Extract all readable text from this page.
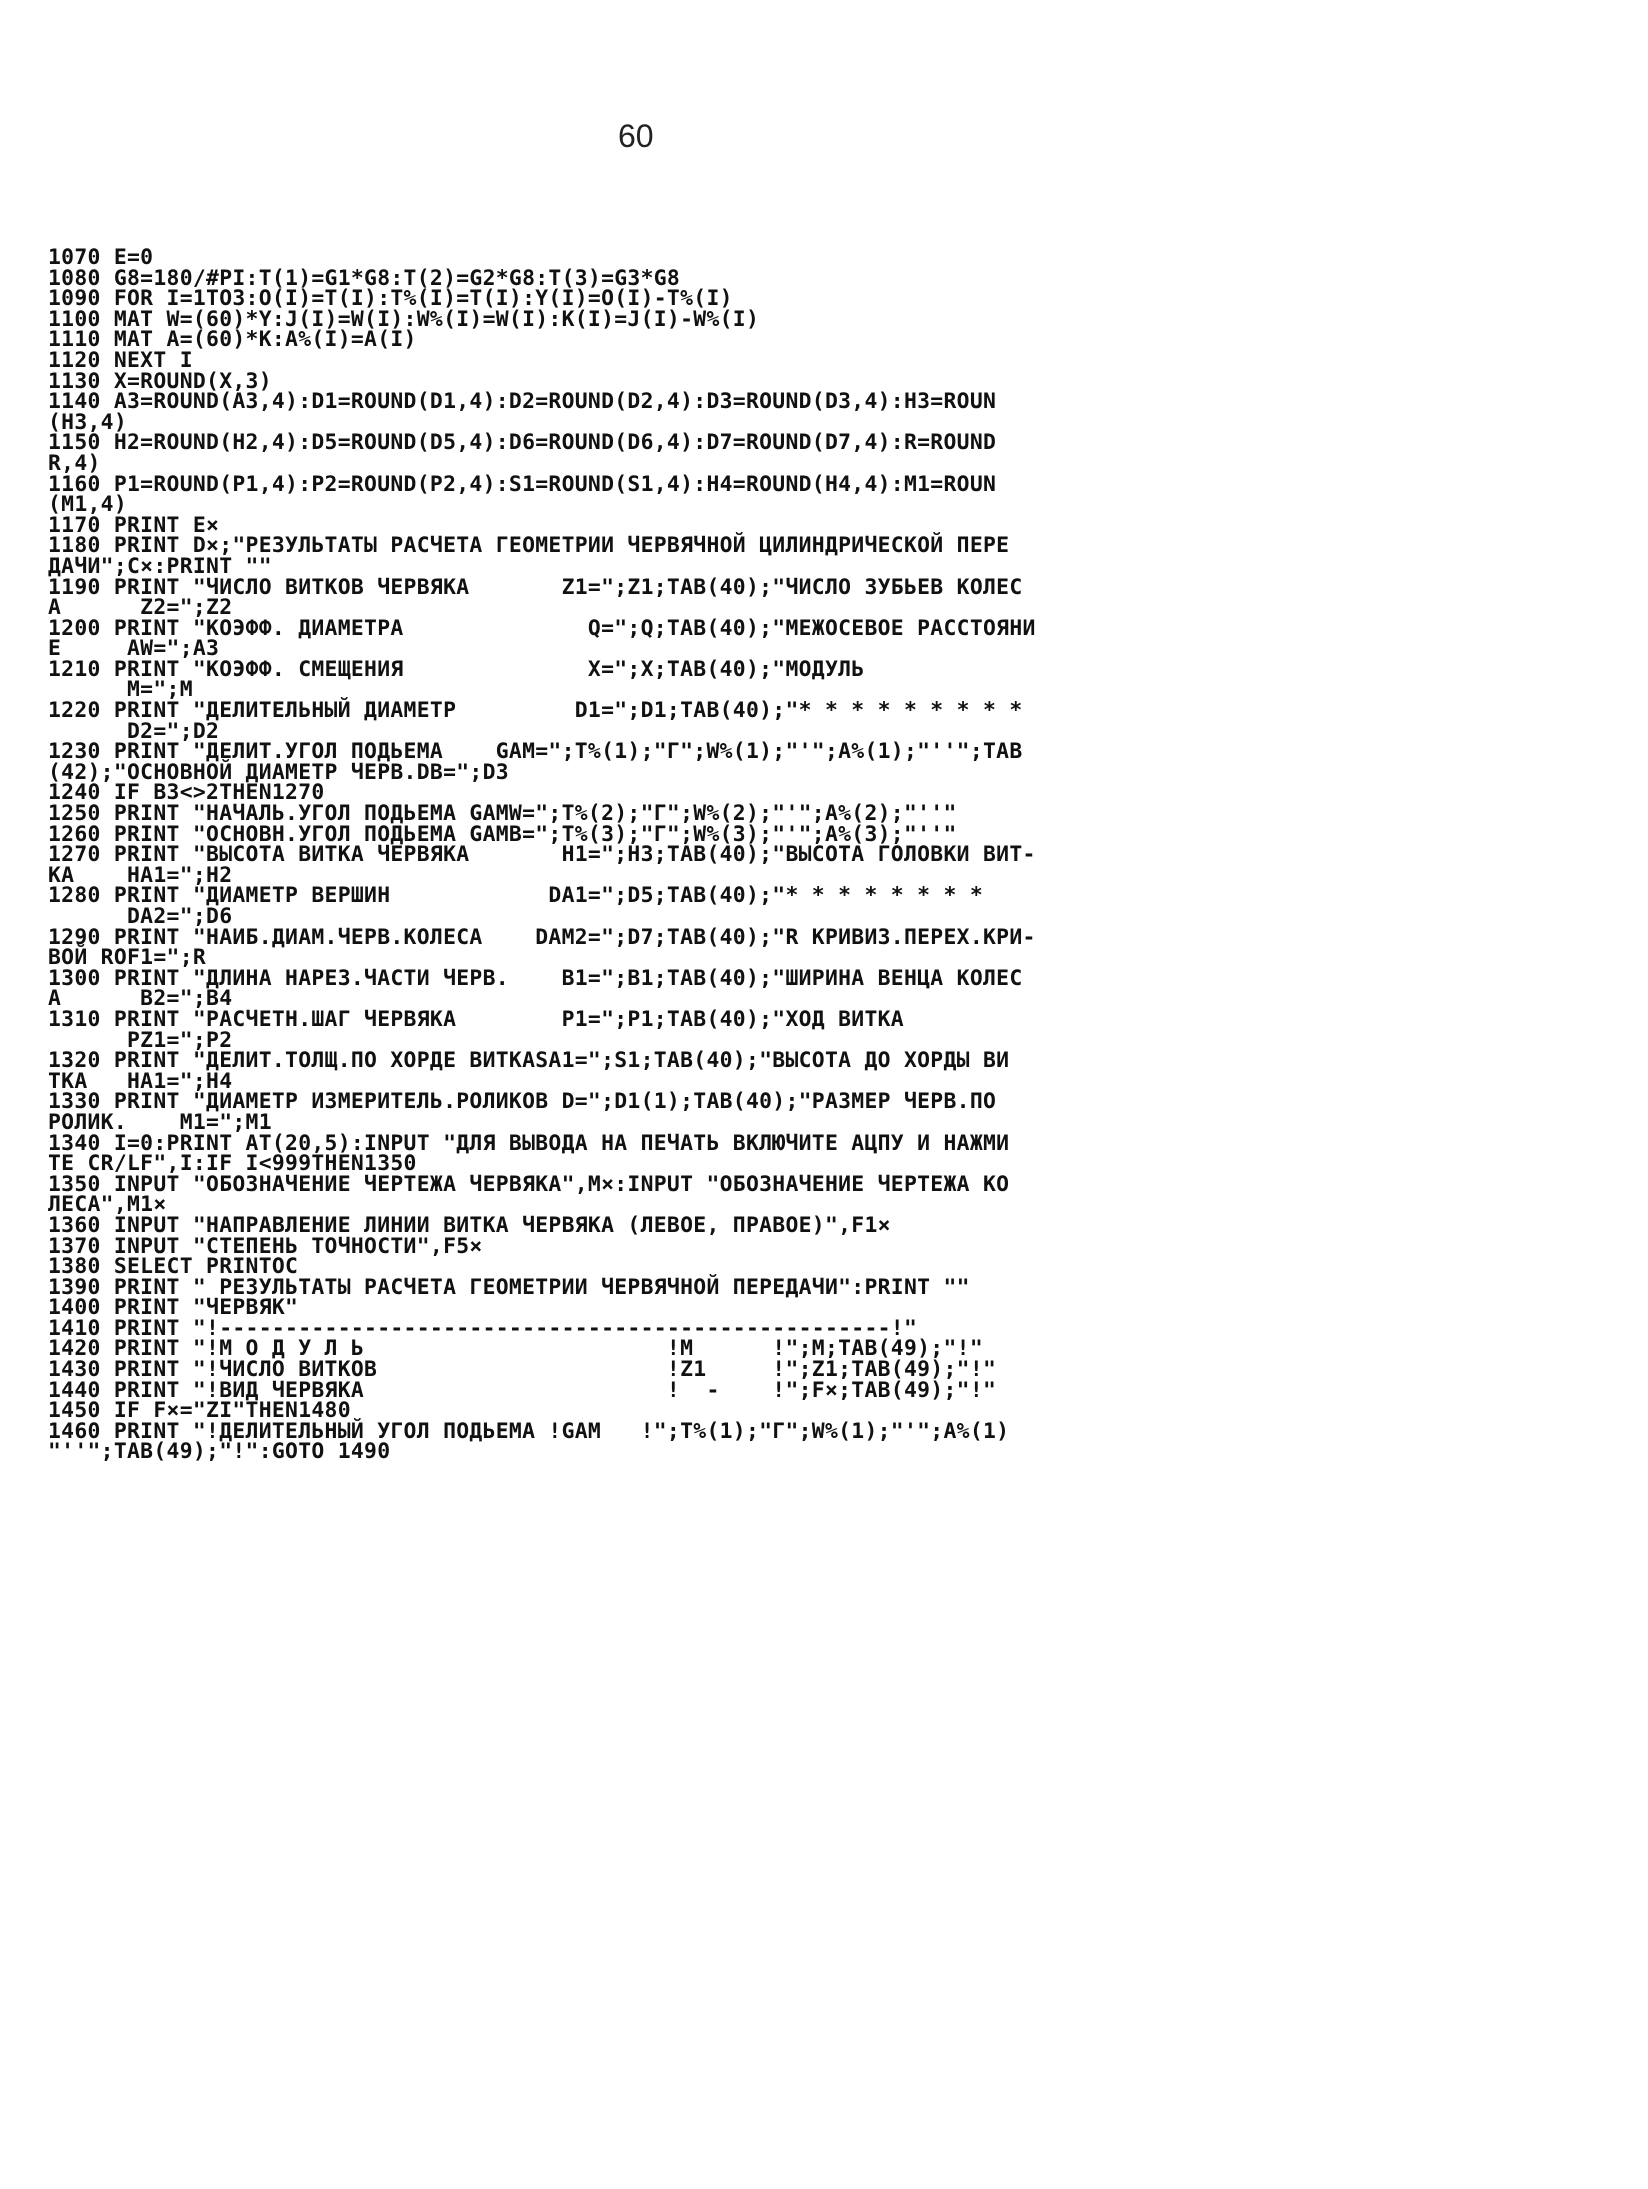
60
1070 E=0
1080 G8=180/#PI:T(1)=G1*G8:T(2)=G2*G8:T(3)=G3*G8
1090 FOR I=1TO3:O(I)=T(I):T%(I)=T(I):Y(I)=O(I)-T%(I)
1100 MAT W=(60)*Y:J(I)=W(I):W%(I)=W(I):K(I)=J(I)-W%(I)
1110 MAT A=(60)*K:A%(I)=A(I)
1120 NEXT I
1130 X=ROUND(X,3)
1140 A3=ROUND(A3,4):D1=ROUND(D1,4):D2=ROUND(D2,4):D3=ROUND(D3,4):H3=ROUN
(H3,4)
1150 H2=ROUND(H2,4):D5=ROUND(D5,4):D6=ROUND(D6,4):D7=ROUND(D7,4):R=ROUND
R,4)
1160 P1=ROUND(P1,4):P2=ROUND(P2,4):S1=ROUND(S1,4):H4=ROUND(H4,4):M1=ROUN
(M1,4)
1170 PRINT E×
1180 PRINT D×;"РЕЗУЛЬТАТЫ РАСЧЕТА ГЕОМЕТРИИ ЧЕРВЯЧНОЙ ЦИЛИНДРИЧЕСКОЙ ПЕРЕ
ДАЧИ";C×:PRINT ""
1190 PRINT "ЧИСЛО ВИТКОВ ЧЕРВЯКА       Z1=";Z1;TAB(40);"ЧИСЛО ЗУБЬЕВ КОЛЕС
А      Z2=";Z2
1200 PRINT "КОЭФФ. ДИАМЕТРА              Q=";Q;TAB(40);"МЕЖОСЕВОЕ РАССТОЯНИ
Е     AW=";A3
1210 PRINT "КОЭФФ. СМЕЩЕНИЯ              X=";X;TAB(40);"МОДУЛЬ
M=";M
1220 PRINT "ДЕЛИТЕЛЬНЫЙ ДИАМЕТР         D1=";D1;TAB(40);"* * * * * * * * *
D2=";D2
1230 PRINT "ДЕЛИТ.УГОЛ ПОДЬЕМА    GAM=";T%(1);"Г";W%(1);"'";A%(1);"''";TAB
(42);"ОСНОВНОЙ ДИАМЕТР ЧЕРВ.DB=";D3
1240 IF B3<>2THEN1270
1250 PRINT "НАЧАЛЬ.УГОЛ ПОДЬЕМА GAMW=";T%(2);"Г";W%(2);"'";A%(2);"''"
1260 PRINT "ОСНОВН.УГОЛ ПОДЬЕМА GAMB=";T%(3);"Г";W%(3);"'";A%(3);"''"
1270 PRINT "ВЫСОТА ВИТКА ЧЕРВЯКА       H1=";H3;TAB(40);"ВЫСОТА ГОЛОВКИ ВИТ-
КА    HA1=";H2
1280 PRINT "ДИАМЕТР ВЕРШИН            DA1=";D5;TAB(40);"* * * * * * * *
DA2=";D6
1290 PRINT "НАИБ.ДИАМ.ЧЕРВ.КОЛЕСА    DAM2=";D7;TAB(40);"R КРИВИЗ.ПЕРЕХ.КРИ-
ВОЙ ROF1=";R
1300 PRINT "ДЛИНА НАРЕЗ.ЧАСТИ ЧЕРВ.    B1=";B1;TAB(40);"ШИРИНА ВЕНЦА КОЛЕС
А      B2=";B4
1310 PRINT "РАСЧЕТН.ШАГ ЧЕРВЯКА        P1=";P1;TAB(40);"ХОД ВИТКА
PZ1=";P2
1320 PRINT "ДЕЛИТ.ТОЛЩ.ПО ХОРДЕ ВИТКАSA1=";S1;TAB(40);"ВЫСОТА ДО ХОРДЫ ВИ
ТКА   HA1=";H4
1330 PRINT "ДИАМЕТР ИЗМЕРИТЕЛЬ.РОЛИКОВ D=";D1(1);TAB(40);"РАЗМЕР ЧЕРВ.ПО
РОЛИК.    M1=";M1
1340 I=0:PRINT AT(20,5):INPUT "ДЛЯ ВЫВОДА НА ПЕЧАТЬ ВКЛЮЧИТЕ АЦПУ И НАЖМИ
TE CR/LF",I:IF I<999THEN1350
1350 INPUT "ОБОЗНАЧЕНИЕ ЧЕРТЕЖА ЧЕРВЯКА",M×:INPUT "ОБОЗНАЧЕНИЕ ЧЕРТЕЖА КО
ЛЕСА",M1×
1360 INPUT "НАПРАВЛЕНИЕ ЛИНИИ ВИТКА ЧЕРВЯКА (ЛЕВОЕ, ПРАВОЕ)",F1×
1370 INPUT "СТЕПЕНЬ ТОЧНОСТИ",F5×
1380 SELECT PRINTOC
1390 PRINT " РЕЗУЛЬТАТЫ РАСЧЕТА ГЕОМЕТРИИ ЧЕРВЯЧНОЙ ПЕРЕДАЧИ":PRINT ""
1400 PRINT "ЧЕРВЯК"
1410 PRINT "!---------------------------------------------------!"
1420 PRINT "!М О Д У Л Ь                       !M      !";M;TAB(49);"!"
1430 PRINT "!ЧИСЛО ВИТКОВ                      !Z1     !";Z1;TAB(49);"!"
1440 PRINT "!ВИД ЧЕРВЯКА                       !  -    !";F×;TAB(49);"!"
1450 IF F×="ZI"THEN1480
1460 PRINT "!ДЕЛИТЕЛЬНЫЙ УГОЛ ПОДЬЕМА !GAM   !";T%(1);"Г";W%(1);"'";A%(1)
"''";TAB(49);"!":GOTO 1490
